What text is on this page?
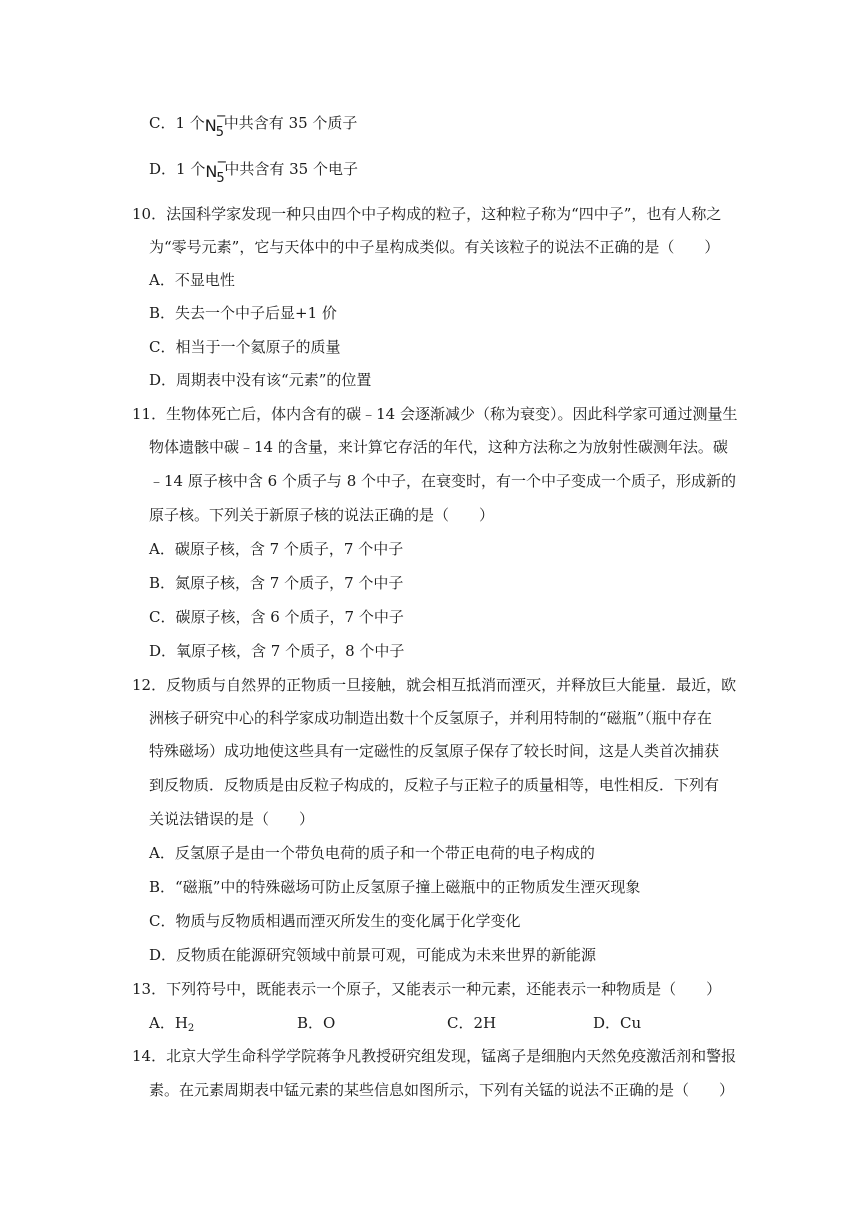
C．1 个 N −
5
中共含有 35 个质子
D．1 个 N −
5
中共含有 35 个电子
10．法国科学家发现一种只由四个中子构成的粒子，这种粒子称为“四中子”，也有人称之
为“零号元素”，它与天体中的中子星构成类似。有关该粒子的说法不正确的是（　　）
A．不显电性
B．失去一个中子后显+1 价
C．相当于一个氦原子的质量
D．周期表中没有该“元素”的位置
11．生物体死亡后，体内含有的碳﹣14 会逐渐减少（称为衰变）。因此科学家可通过测量生
物体遗骸中碳﹣14 的含量，来计算它存活的年代，这种方法称之为放射性碳测年法。碳
﹣14 原子核中含 6 个质子与 8 个中子，在衰变时，有一个中子变成一个质子，形成新的
原子核。下列关于新原子核的说法正确的是（　　）
A．碳原子核，含 7 个质子，7 个中子
B．氮原子核，含 7 个质子，7 个中子
C．碳原子核，含 6 个质子，7 个中子
D．氧原子核，含 7 个质子，8 个中子
12．反物质与自然界的正物质一旦接触，就会相互抵消而湮灭，并释放巨大能量．最近，欧
洲核子研究中心的科学家成功制造出数十个反氢原子，并利用特制的“磁瓶”（瓶中存在
特殊磁场）成功地使这些具有一定磁性的反氢原子保存了较长时间，这是人类首次捕获
到反物质．反物质是由反粒子构成的，反粒子与正粒子的质量相等，电性相反．下列有
关说法错误的是（　　）
A．反氢原子是由一个带负电荷的质子和一个带正电荷的电子构成的
B．“磁瓶”中的特殊磁场可防止反氢原子撞上磁瓶中的正物质发生湮灭现象
C．物质与反物质相遇而湮灭所发生的变化属于化学变化
D．反物质在能源研究领域中前景可观，可能成为未来世界的新能源
13．下列符号中，既能表示一个原子，又能表示一种元素，还能表示一种物质是（　　）
A．$H_2$	B．O	C．2H	D．Cu
14．北京大学生命科学学院蒋争凡教授研究组发现，锰离子是细胞内天然免疫激活剂和警报
素。在元素周期表中锰元素的某些信息如图所示，下列有关锰的说法不正确的是（　　）
